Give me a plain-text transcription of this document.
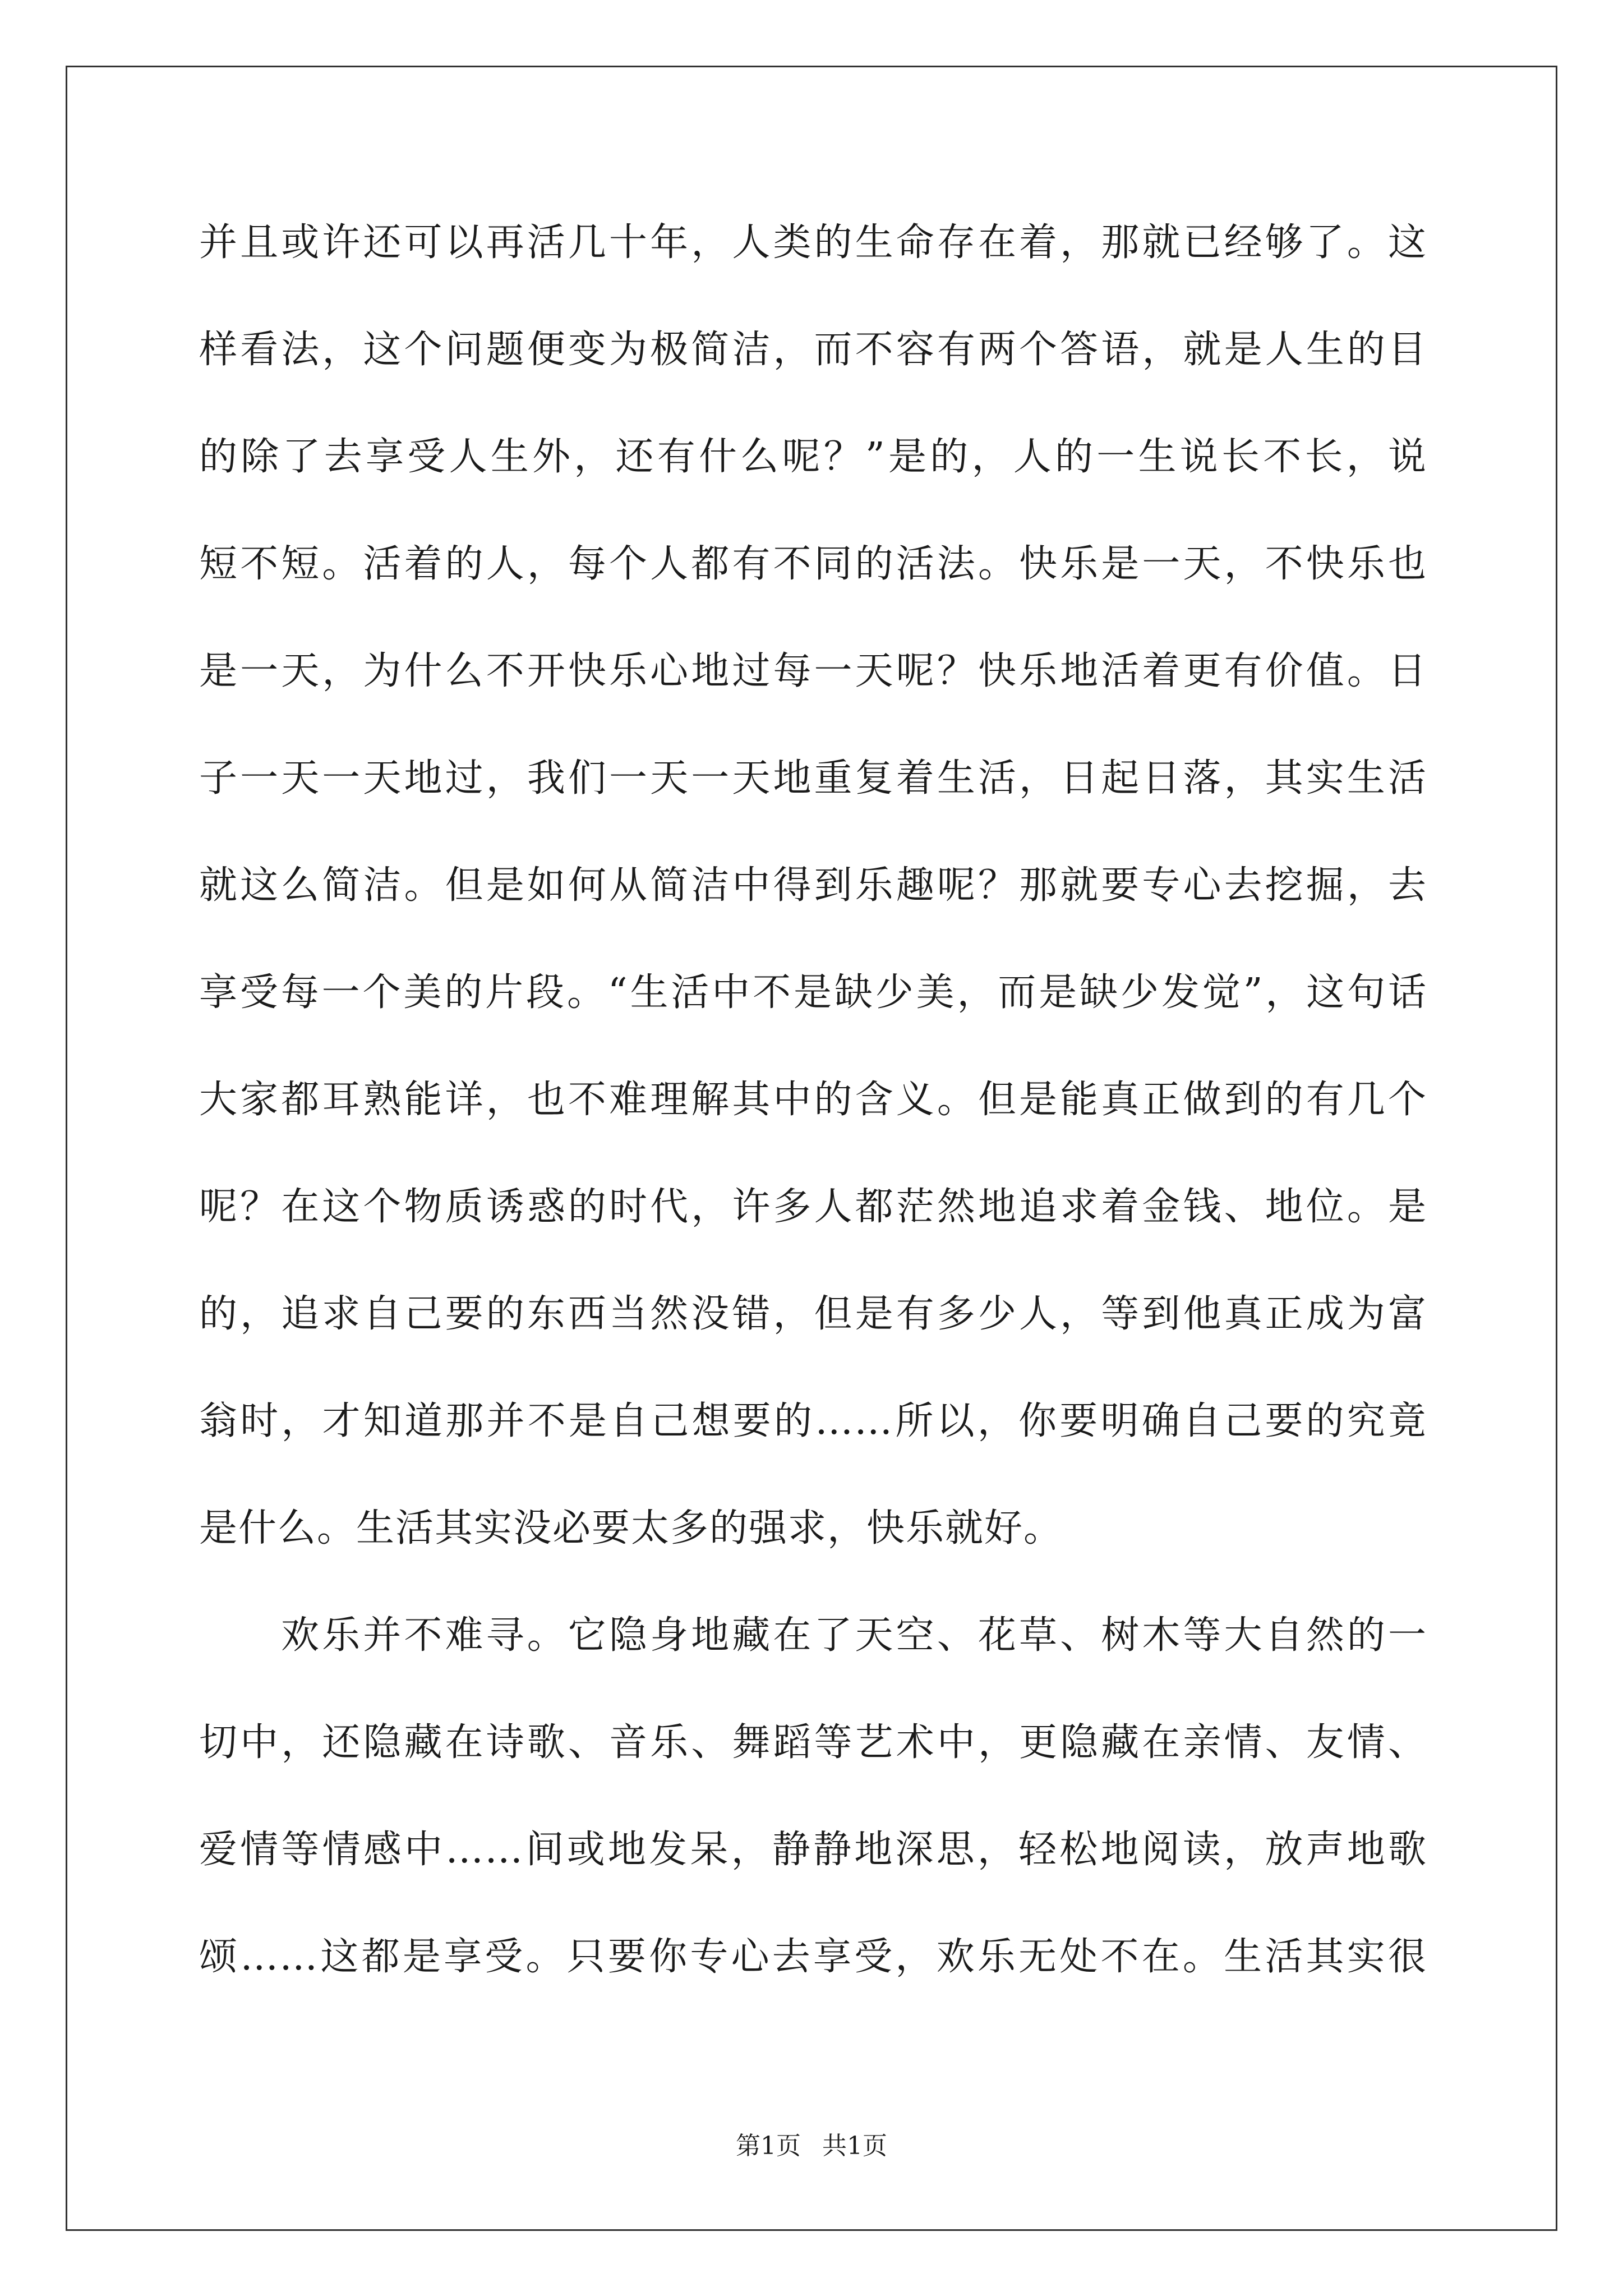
并且或许还可以再活几十年，人类的生命存在着，那就已经够了。这
样看法，这个问题便变为极简洁，而不容有两个答语，就是人生的目
的除了去享受人生外，还有什么呢？”是的，人的一生说长不长，说
短不短。活着的人，每个人都有不同的活法。快乐是一天，不快乐也
是一天，为什么不开快乐心地过每一天呢？快乐地活着更有价值。日
子一天一天地过，我们一天一天地重复着生活，日起日落，其实生活
就这么简洁。但是如何从简洁中得到乐趣呢？那就要专心去挖掘，去
享受每一个美的片段。“生活中不是缺少美，而是缺少发觉”，这句话
大家都耳熟能详，也不难理解其中的含义。但是能真正做到的有几个
呢？在这个物质诱惑的时代，许多人都茫然地追求着金钱、地位。是
的，追求自己要的东西当然没错，但是有多少人，等到他真正成为富
翁时，才知道那并不是自己想要的……所以，你要明确自己要的究竟
是什么。生活其实没必要太多的强求，快乐就好。
欢乐并不难寻。它隐身地藏在了天空、花草、树木等大自然的一
切中，还隐藏在诗歌、音乐、舞蹈等艺术中，更隐藏在亲情、友情、
爱情等情感中……间或地发呆，静静地深思，轻松地阅读，放声地歌
颂……这都是享受。只要你专心去享受，欢乐无处不在。生活其实很
第1页 共1页
